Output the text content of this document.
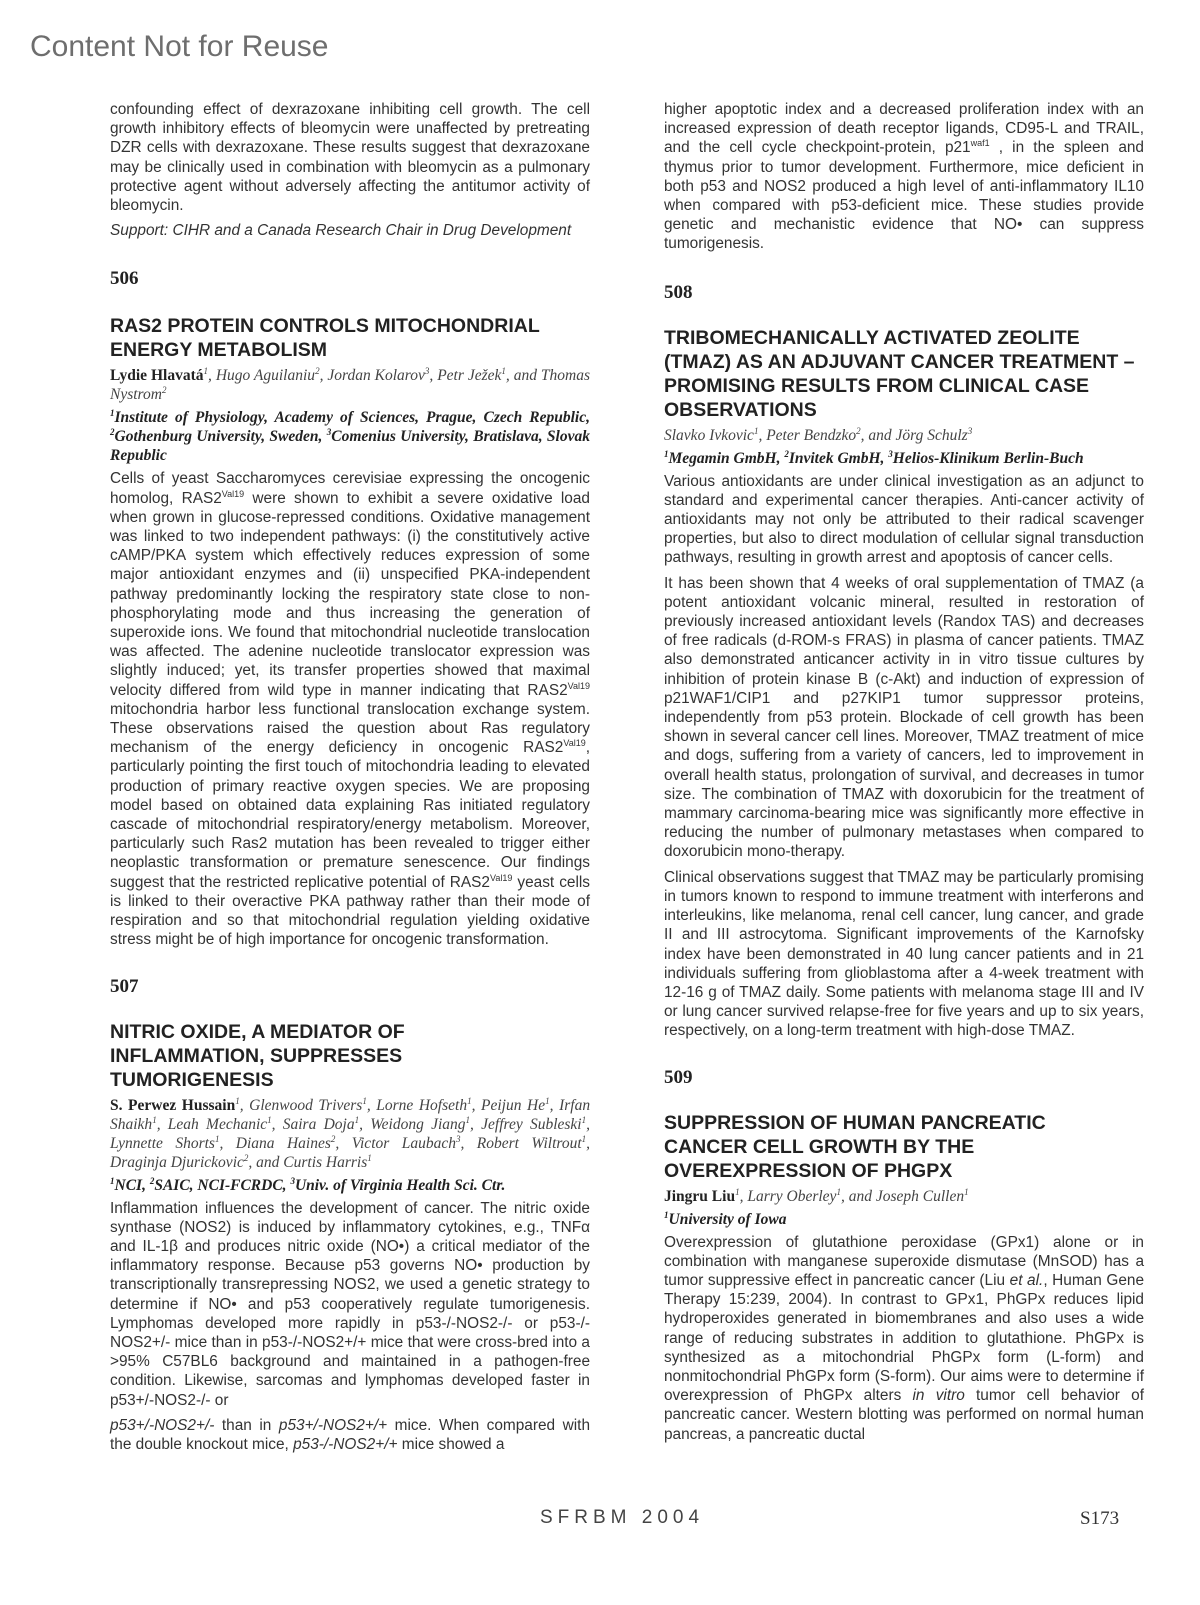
Content Not for Reuse

confounding effect of dexrazoxane inhibiting cell growth. The cell growth inhibitory effects of bleomycin were unaffected by pretreating DZR cells with dexrazoxane. These results suggest that dexrazoxane may be clinically used in combination with bleomycin as a pulmonary protective agent without adversely affecting the antitumor activity of bleomycin.

Support: CIHR and a Canada Research Chair in Drug Development

506

RAS2 PROTEIN CONTROLS MITOCHONDRIAL ENERGY METABOLISM

Lydie Hlavatá$^1$, Hugo Aguilaniu$^2$, Jordan Kolarov$^3$, Petr Ježek$^1$, and Thomas Nystrom$^2$

$^1$Institute of Physiology, Academy of Sciences, Prague, Czech Republic, $^2$Gothenburg University, Sweden, $^3$Comenius University, Bratislava, Slovak Republic

Cells of yeast Saccharomyces cerevisiae expressing the oncogenic homolog, $RAS2^{Val19}$ were shown to exhibit a severe oxidative load when grown in glucose-repressed conditions. Oxidative management was linked to two independent pathways: (i) the constitutively active cAMP/PKA system which effectively reduces expression of some major antioxidant enzymes and (ii) unspecified PKA-independent pathway predominantly locking the respiratory state close to non-phosphorylating mode and thus increasing the generation of superoxide ions. We found that mitochondrial nucleotide translocation was affected. The adenine nucleotide translocator expression was slightly induced; yet, its transfer properties showed that maximal velocity differed from wild type in manner indicating that $RAS2^{Val19}$ mitochondria harbor less functional translocation exchange system. These observations raised the question about Ras regulatory mechanism of the energy deficiency in oncogenic $RAS2^{Val19}$, particularly pointing the first touch of mitochondria leading to elevated production of primary reactive oxygen species. We are proposing model based on obtained data explaining Ras initiated regulatory cascade of mitochondrial respiratory/energy metabolism. Moreover, particularly such Ras2 mutation has been revealed to trigger either neoplastic transformation or premature senescence. Our findings suggest that the restricted replicative potential of $RAS2^{Val19}$ yeast cells is linked to their overactive PKA pathway rather than their mode of respiration and so that mitochondrial regulation yielding oxidative stress might be of high importance for oncogenic transformation.

507

NITRIC OXIDE, A MEDIATOR OF INFLAMMATION, SUPPRESSES TUMORIGENESIS

S. Perwez Hussain$^1$, Glenwood Trivers$^1$, Lorne Hofseth$^1$, Peijun He$^1$, Irfan Shaikh$^1$, Leah Mechanic$^1$, Saira Doja$^1$, Weidong Jiang$^1$, Jeffrey Subleski$^1$, Lynnette Shorts$^1$, Diana Haines$^2$, Victor Laubach$^3$, Robert Wiltrout$^1$, Draginja Djurickovic$^2$, and Curtis Harris$^1$

$^1$NCI, $^2$SAIC, NCI-FCRDC, $^3$Univ. of Virginia Health Sci. Ctr.

Inflammation influences the development of cancer. The nitric oxide synthase (NOS2) is induced by inflammatory cytokines, e.g., TNFα and IL-1β and produces nitric oxide (NO•) a critical mediator of the inflammatory response. Because p53 governs NO• production by transcriptionally transrepressing NOS2, we used a genetic strategy to determine if NO• and p53 cooperatively regulate tumorigenesis. Lymphomas developed more rapidly in p53-/-NOS2-/- or p53-/-NOS2+/- mice than in p53-/-NOS2+/+ mice that were cross-bred into a >95% C57BL6 background and maintained in a pathogen-free condition. Likewise, sarcomas and lymphomas developed faster in p53+/-NOS2-/- or

p53+/-NOS2+/- than in p53+/-NOS2+/+ mice. When compared with the double knockout mice, p53-/-NOS2+/+ mice showed a

higher apoptotic index and a decreased proliferation index with an increased expression of death receptor ligands, CD95-L and TRAIL, and the cell cycle checkpoint-protein, $p21^{waf1}$ , in the spleen and thymus prior to tumor development. Furthermore, mice deficient in both p53 and NOS2 produced a high level of anti-inflammatory IL10 when compared with p53-deficient mice. These studies provide genetic and mechanistic evidence that NO• can suppress tumorigenesis.

508

TRIBOMECHANICALLY ACTIVATED ZEOLITE (TMAZ) AS AN ADJUVANT CANCER TREATMENT – PROMISING RESULTS FROM CLINICAL CASE OBSERVATIONS

Slavko Ivkovic$^1$, Peter Bendzko$^2$, and Jörg Schulz$^3$

$^1$Megamin GmbH, $^2$Invitek GmbH, $^3$Helios-Klinikum Berlin-Buch

Various antioxidants are under clinical investigation as an adjunct to standard and experimental cancer therapies. Anti-cancer activity of antioxidants may not only be attributed to their radical scavenger properties, but also to direct modulation of cellular signal transduction pathways, resulting in growth arrest and apoptosis of cancer cells.

It has been shown that 4 weeks of oral supplementation of TMAZ (a potent antioxidant volcanic mineral, resulted in restoration of previously increased antioxidant levels (Randox TAS) and decreases of free radicals (d-ROM-s FRAS) in plasma of cancer patients. TMAZ also demonstrated anticancer activity in in vitro tissue cultures by inhibition of protein kinase B (c-Akt) and induction of expression of p21WAF1/CIP1 and p27KIP1 tumor suppressor proteins, independently from p53 protein. Blockade of cell growth has been shown in several cancer cell lines. Moreover, TMAZ treatment of mice and dogs, suffering from a variety of cancers, led to improvement in overall health status, prolongation of survival, and decreases in tumor size. The combination of TMAZ with doxorubicin for the treatment of mammary carcinoma-bearing mice was significantly more effective in reducing the number of pulmonary metastases when compared to doxorubicin mono-therapy.

Clinical observations suggest that TMAZ may be particularly promising in tumors known to respond to immune treatment with interferons and interleukins, like melanoma, renal cell cancer, lung cancer, and grade II and III astrocytoma. Significant improvements of the Karnofsky index have been demonstrated in 40 lung cancer patients and in 21 individuals suffering from glioblastoma after a 4-week treatment with 12-16 g of TMAZ daily. Some patients with melanoma stage III and IV or lung cancer survived relapse-free for five years and up to six years, respectively, on a long-term treatment with high-dose TMAZ.

509

SUPPRESSION OF HUMAN PANCREATIC CANCER CELL GROWTH BY THE OVEREXPRESSION OF PHGPX

Jingru Liu$^1$, Larry Oberley$^1$, and Joseph Cullen$^1$

$^1$University of Iowa

Overexpression of glutathione peroxidase (GPx1) alone or in combination with manganese superoxide dismutase (MnSOD) has a tumor suppressive effect in pancreatic cancer (Liu et al., Human Gene Therapy 15:239, 2004). In contrast to GPx1, PhGPx reduces lipid hydroperoxides generated in biomembranes and also uses a wide range of reducing substrates in addition to glutathione. PhGPx is synthesized as a mitochondrial PhGPx form (L-form) and nonmitochondrial PhGPx form (S-form). Our aims were to determine if overexpression of PhGPx alters in vitro tumor cell behavior of pancreatic cancer. Western blotting was performed on normal human pancreas, a pancreatic ductal

SFRBM 2004	S173
